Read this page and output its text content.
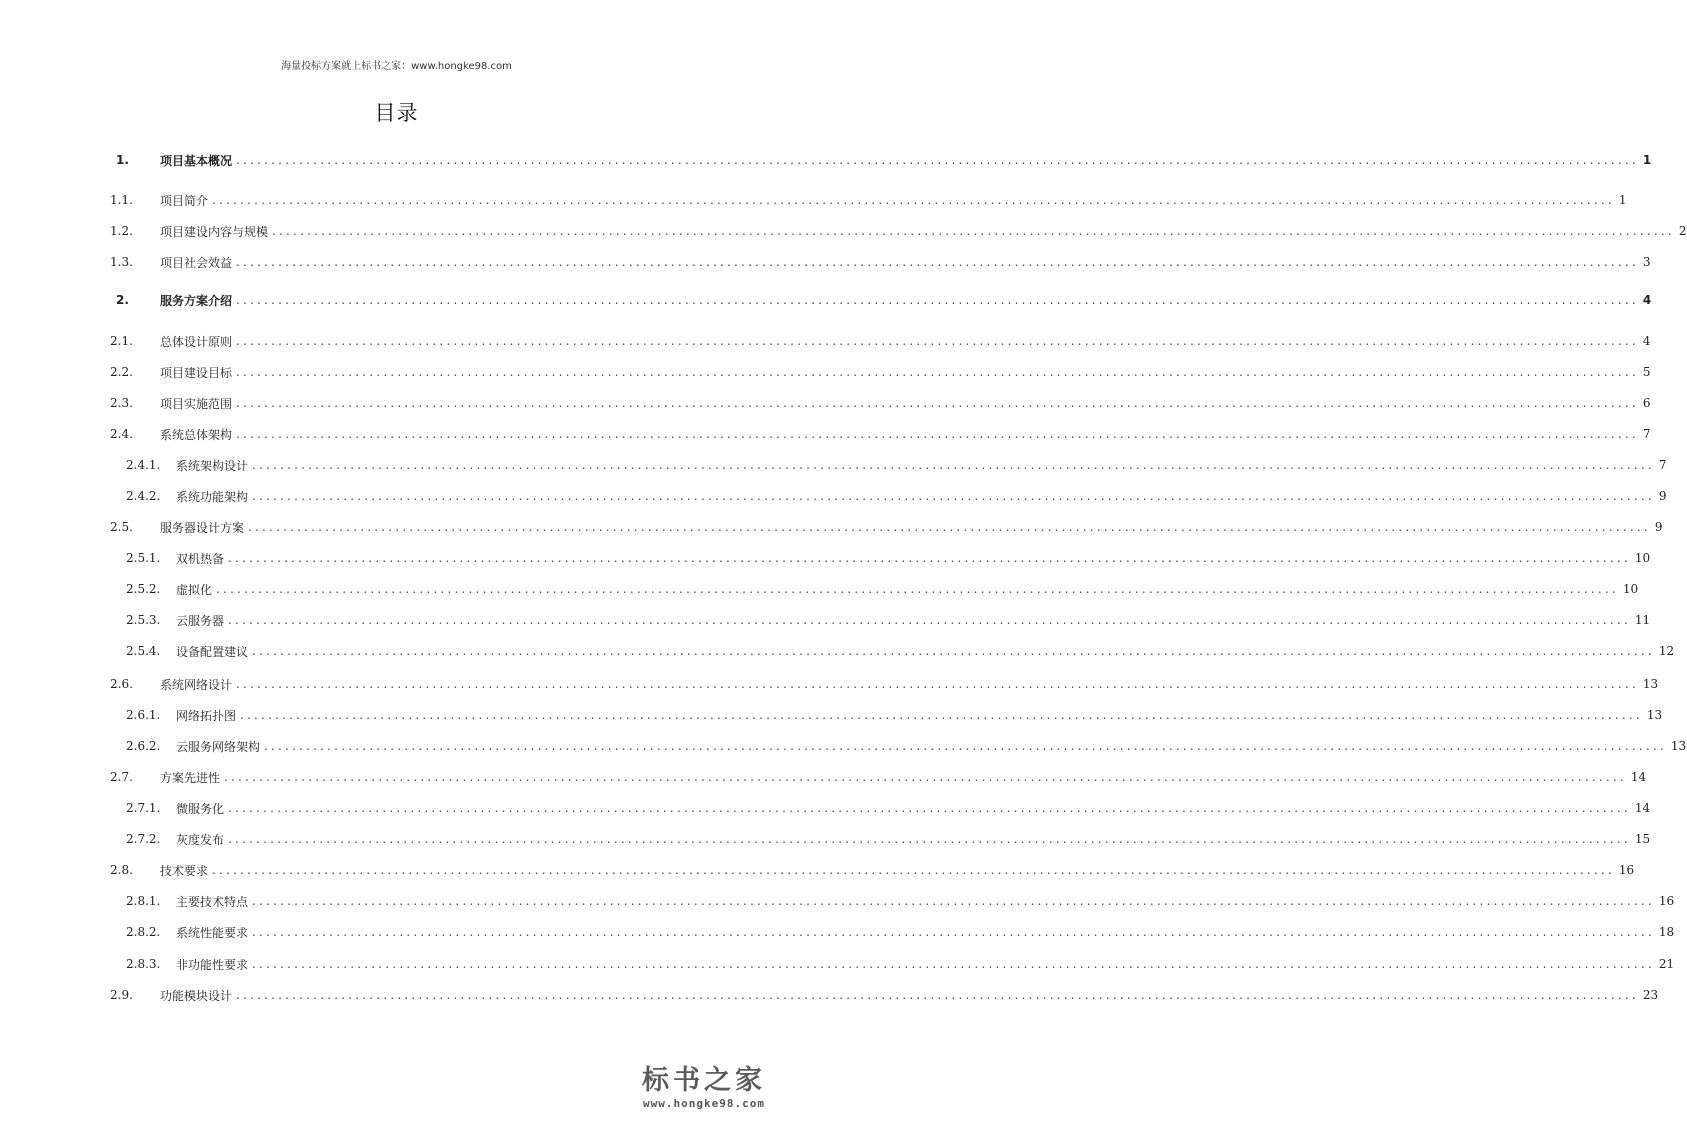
海量投标方案就上标书之家：www.hongke98.com
目录
1.	项目基本概况 ........................................................................................................................................................................................................ 1
1.1.	项目简介 ........................................................................................................................................................................................................ 1
1.2.	项目建设内容与规模 ........................................................................................................................................................................................................ 2
1.3.	项目社会效益 ........................................................................................................................................................................................................ 3
2.	服务方案介绍 ........................................................................................................................................................................................................ 4
2.1.	总体设计原则 ........................................................................................................................................................................................................ 4
2.2.	项目建设目标 ........................................................................................................................................................................................................ 5
2.3.	项目实施范围 ........................................................................................................................................................................................................ 6
2.4.	系统总体架构 ........................................................................................................................................................................................................ 7
2.4.1.	系统架构设计 ........................................................................................................................................................................................................ 7
2.4.2.	系统功能架构 ........................................................................................................................................................................................................ 9
2.5.	服务器设计方案 ........................................................................................................................................................................................................ 9
2.5.1.	双机热备 ........................................................................................................................................................................................................ 10
2.5.2.	虚拟化 ........................................................................................................................................................................................................ 10
2.5.3.	云服务器 ........................................................................................................................................................................................................ 11
2.5.4.	设备配置建议 ........................................................................................................................................................................................................ 12
2.6.	系统网络设计 ........................................................................................................................................................................................................ 13
2.6.1.	网络拓扑图 ........................................................................................................................................................................................................ 13
2.6.2.	云服务网络架构 ........................................................................................................................................................................................................ 13
2.7.	方案先进性 ........................................................................................................................................................................................................ 14
2.7.1.	微服务化 ........................................................................................................................................................................................................ 14
2.7.2.	灰度发布 ........................................................................................................................................................................................................ 15
2.8.	技术要求 ........................................................................................................................................................................................................ 16
2.8.1.	主要技术特点 ........................................................................................................................................................................................................ 16
2.8.2.	系统性能要求 ........................................................................................................................................................................................................ 18
2.8.3.	非功能性要求 ........................................................................................................................................................................................................ 21
2.9.	功能模块设计 ........................................................................................................................................................................................................ 23
标书之家
www.hongke98.com
